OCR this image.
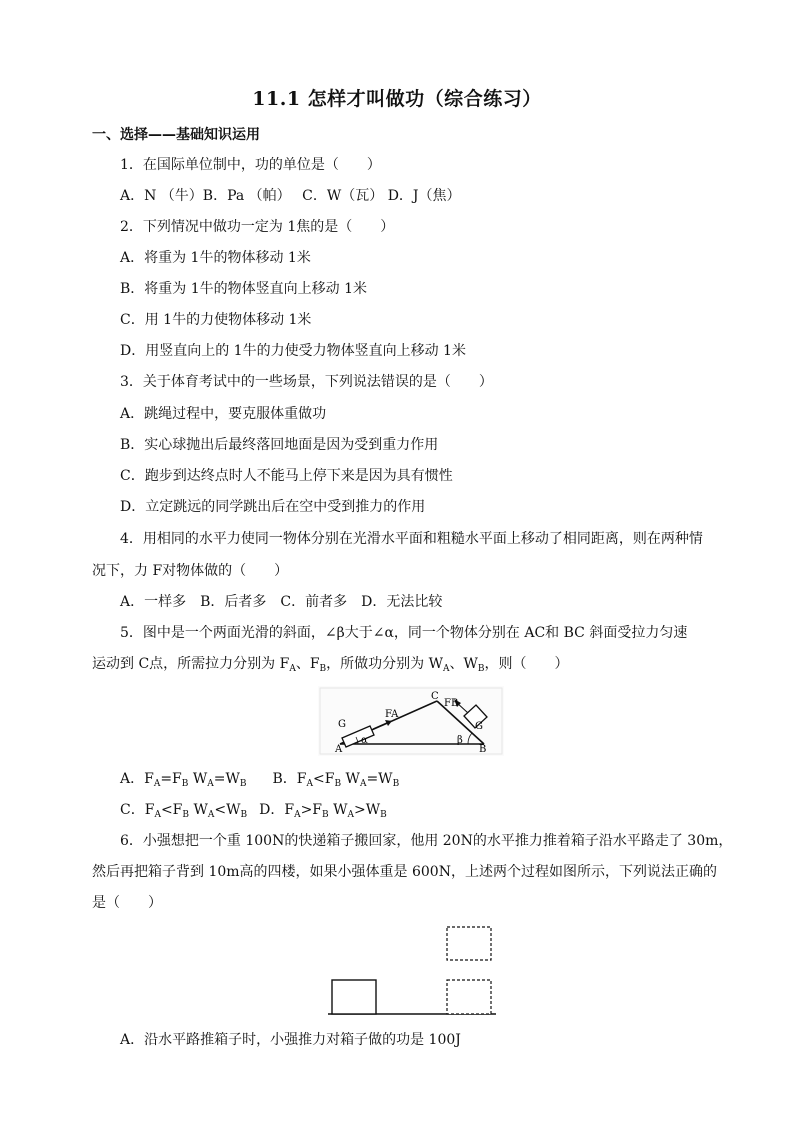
11.1 怎样才叫做功（综合练习）
一、选择——基础知识运用
1．在国际单位制中，功的单位是（　　）
A．N （牛）B．Pa （帕）　 C．W（瓦） D．J（焦）
2．下列情况中做功一定为 1焦的是（　　）
A．将重为 1牛的物体移动 1米
B．将重为 1牛的物体竖直向上移动 1米
C．用 1牛的力使物体移动 1米
D．用竖直向上的 1牛的力使受力物体竖直向上移动 1米
3．关于体育考试中的一些场景，下列说法错误的是（　　）
A．跳绳过程中，要克服体重做功
B．实心球抛出后最终落回地面是因为受到重力作用
C．跑步到达终点时人不能马上停下来是因为具有惯性
D．立定跳远的同学跳出后在空中受到推力的作用
4．用相同的水平力使同一物体分别在光滑水平面和粗糙水平面上移动了相同距离，则在两种情
况下，力 F对物体做的（　　）
A．一样多　B．后者多　C．前者多　D．无法比较
5．图中是一个两面光滑的斜面，∠β大于∠α，同一个物体分别在 AC和 BC 斜面受拉力匀速
运动到 C点，所需拉力分别为 $F_A$、$F_B$，所做功分别为 $W_A$、$W_B$，则（　　）
C
FA
FB
G	G
A	B
α	β
A．$F_A=F_B$ $W_A=W_B$ B．$F_A<F_B$ $W_A=W_B$
C．$F_A<F_B$ $W_A<W_B$ D．$F_A>F_B$ $W_A>W_B$
6．小强想把一个重 100N的快递箱子搬回家，他用 20N的水平推力推着箱子沿水平路走了 30m，
然后再把箱子背到 10m高的四楼，如果小强体重是 600N，上述两个过程如图所示，下列说法正确的
是（　　）
A．沿水平路推箱子时，小强推力对箱子做的功是 100J
